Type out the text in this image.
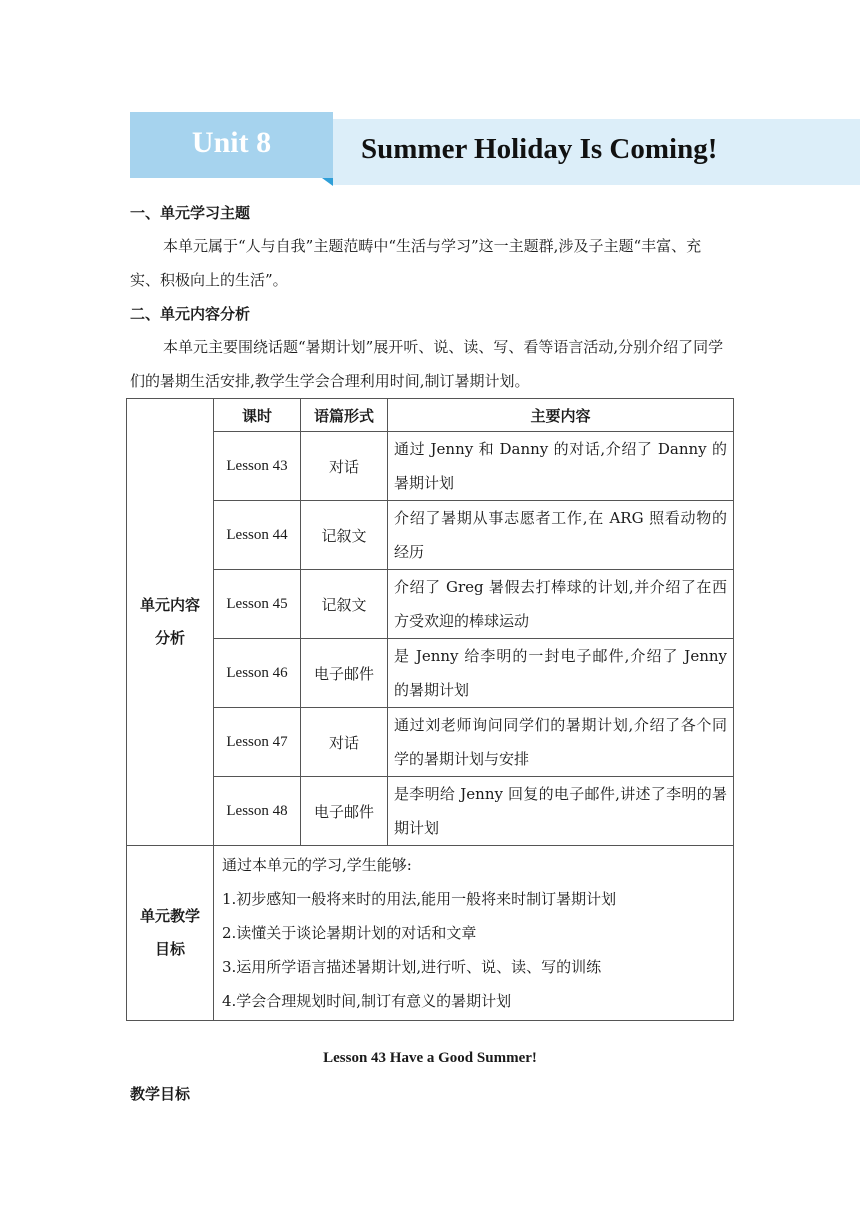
Unit 8	Summer Holiday Is Coming!
一、单元学习主题
本单元属于“人与自我”主题范畴中“生活与学习”这一主题群,涉及子主题“丰富、充实、积极向上的生活”。
二、单元内容分析
本单元主要围绕话题“暑期计划”展开听、说、读、写、看等语言活动,分别介绍了同学们的暑期生活安排,教学生学会合理利用时间,制订暑期计划。
单元内容分析	课时	语篇形式	主要内容
	Lesson 43	对话	通过 Jenny 和 Danny 的对话,介绍了 Danny 的暑期计划
	Lesson 44	记叙文	介绍了暑期从事志愿者工作,在 ARG 照看动物的经历
	Lesson 45	记叙文	介绍了 Greg 暑假去打棒球的计划,并介绍了在西方受欢迎的棒球运动
	Lesson 46	电子邮件	是 Jenny 给李明的一封电子邮件,介绍了 Jenny 的暑期计划
	Lesson 47	对话	通过刘老师询问同学们的暑期计划,介绍了各个同学的暑期计划与安排
	Lesson 48	电子邮件	是李明给 Jenny 回复的电子邮件,讲述了李明的暑期计划
单元教学目标	通过本单元的学习,学生能够:
1.初步感知一般将来时的用法,能用一般将来时制订暑期计划
2.读懂关于谈论暑期计划的对话和文章
3.运用所学语言描述暑期计划,进行听、说、读、写的训练
4.学会合理规划时间,制订有意义的暑期计划		
Lesson 43 Have a Good Summer!
教学目标
